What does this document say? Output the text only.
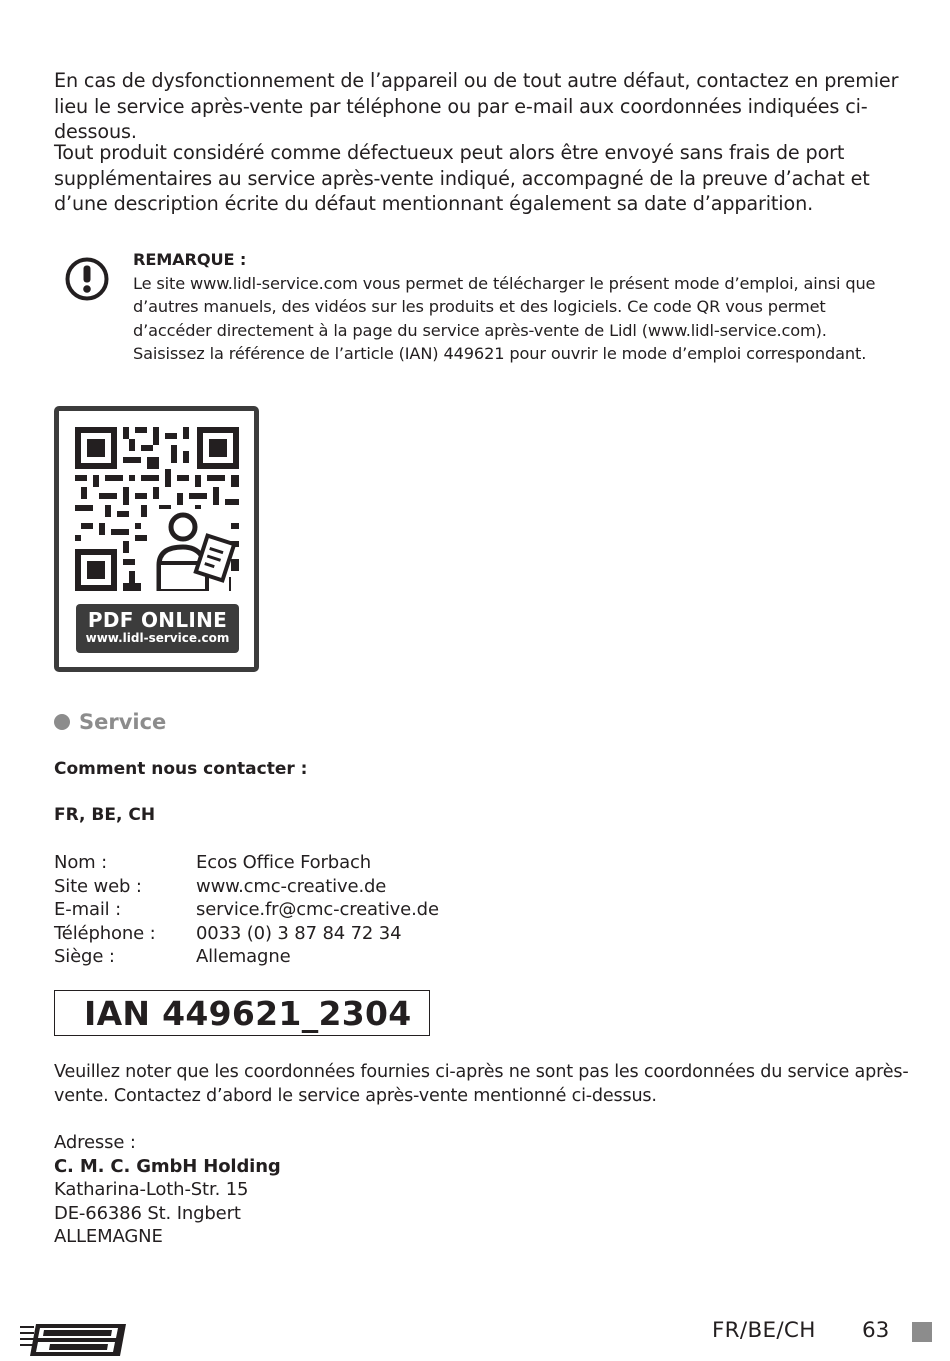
En cas de dysfonctionnement de l’appareil ou de tout autre défaut, contactez en premier lieu le service après-vente par téléphone ou par e-mail aux coordonnées indiquées ci-dessous.

Tout produit considéré comme défectueux peut alors être envoyé sans frais de port supplémentaires au service après-vente indiqué, accompagné de la preuve d’achat et d’une description écrite du défaut mentionnant également sa date d’apparition.

REMARQUE :
Le site www.lidl-service.com vous permet de télécharger le présent mode d’emploi, ainsi que d’autres manuels, des vidéos sur les produits et des logiciels. Ce code QR vous permet d’accéder directement à la page du service après-vente de Lidl (www.lidl-service.com). Saisissez la référence de l’article (IAN) 449621 pour ouvrir le mode d’emploi correspondant.
PDF ONLINE
www.lidl-service.com
Service
Comment nous contacter :
FR, BE, CH
Nom :	Ecos Office Forbach
Site web :	www.cmc-creative.de
E-mail :	service.fr@cmc-creative.de
Téléphone :	0033 (0) 3 87 84 72 34
Siège :	Allemagne
IAN 449621_2304

Veuillez noter que les coordonnées fournies ci-après ne sont pas les coordonnées du service après-vente. Contactez d’abord le service après-vente mentionné ci-dessus.

Adresse :
C. M. C. GmbH Holding
Katharina-Loth-Str. 15
DE-66386 St. Ingbert
ALLEMAGNE
FR/BE/CH 63
